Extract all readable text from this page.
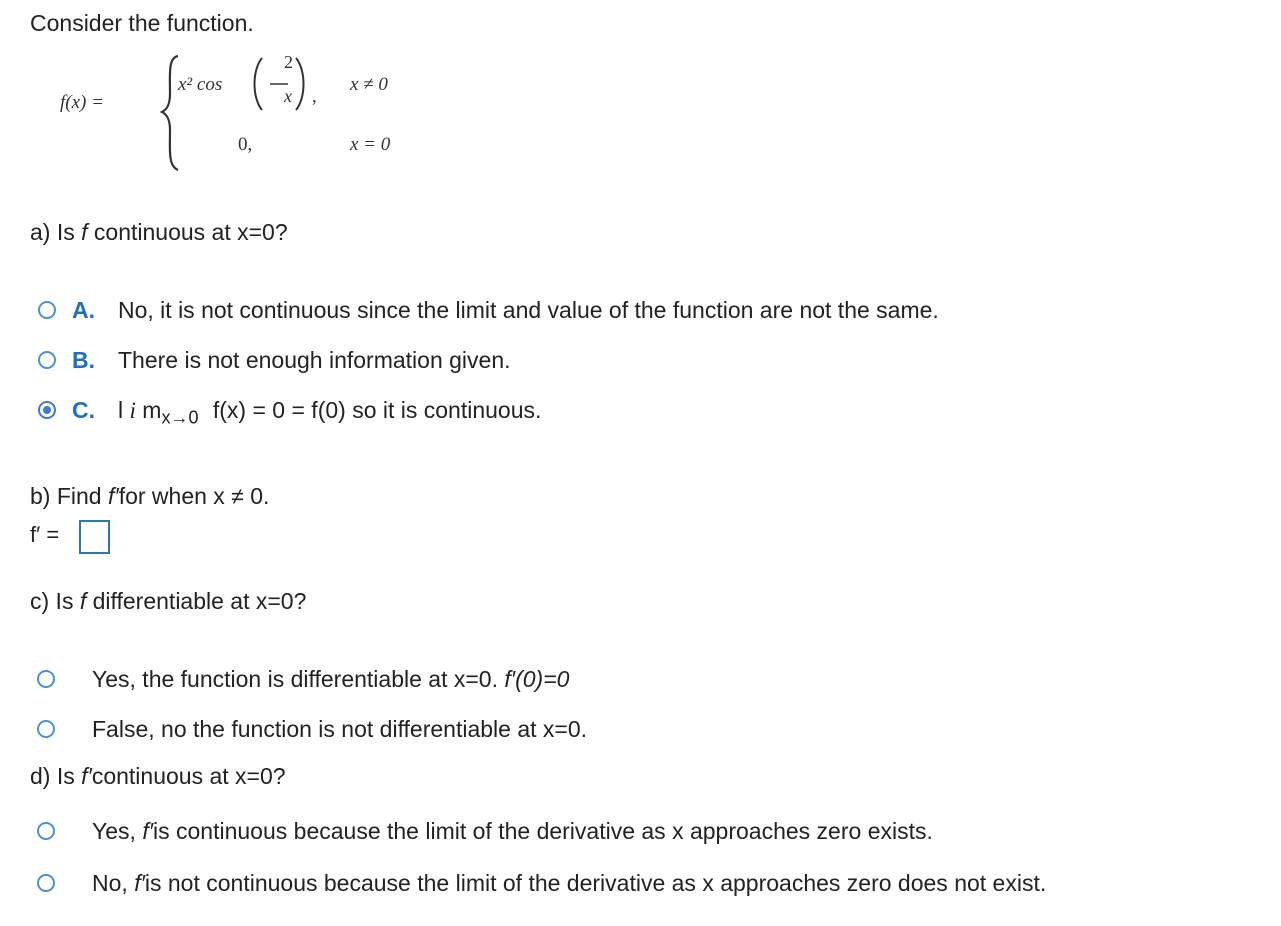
Consider the function.
f(x) =
x² cos
2
x ,
x ≠ 0
0,	x = 0
a) Is f continuous at x=0?
A. No, it is not continuous since the limit and value of the function are not the same.
B. There is not enough information given.
C. l i $m_{x\to 0}$ f(x) = 0 = f(0) so it is continuous.
b) Find f′for when x ≠ 0.
f′ =
c) Is f differentiable at x=0?
Yes, the function is differentiable at x=0. f′(0)=0
False, no the function is not differentiable at x=0.
d) Is f′continuous at x=0?
Yes, f′is continuous because the limit of the derivative as x approaches zero exists.
No, f′is not continuous because the limit of the derivative as x approaches zero does not exist.
